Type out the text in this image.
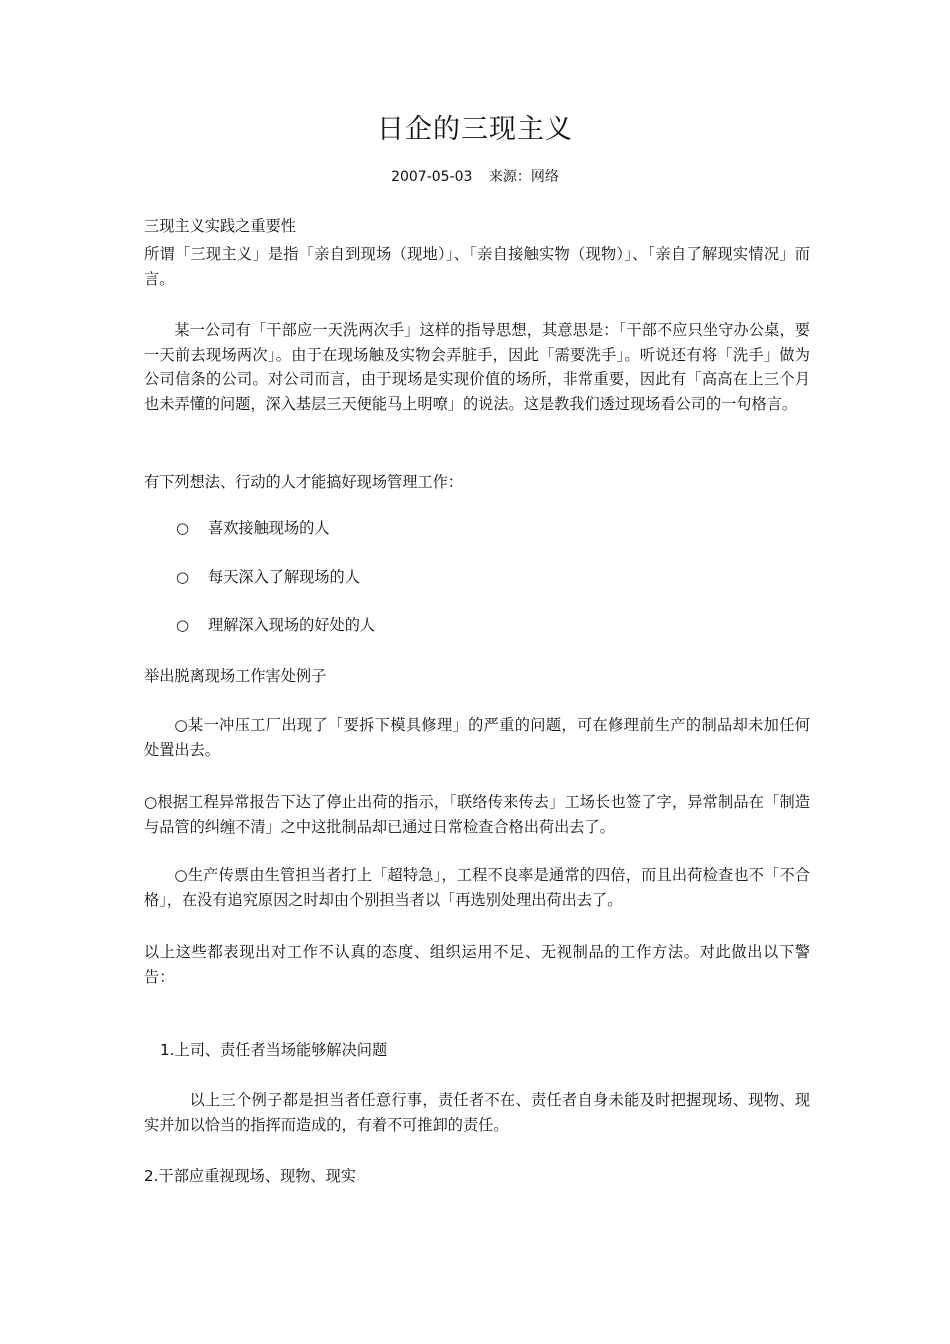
日企的三现主义
2007-05-03 来源：网络

三现主义实践之重要性

所谓「三现主义」是指「亲自到现场（现地）」、「亲自接触实物（现物）」、「亲自了解现实情况」而言。

某一公司有「干部应一天洗两次手」这样的指导思想，其意思是：「干部不应只坐守办公桌，要一天前去现场两次」。由于在现场触及实物会弄脏手，因此「需要洗手」。听说还有将「洗手」做为公司信条的公司。对公司而言，由于现场是实现价值的场所，非常重要，因此有「高高在上三个月也未弄懂的问题，深入基层三天便能马上明嘹」的说法。这是教我们透过现场看公司的一句格言。

有下列想法、行动的人才能搞好现场管理工作：

○ 喜欢接触现场的人
○ 每天深入了解现场的人
○ 理解深入现场的好处的人

举出脱离现场工作害处例子

○某一冲压工厂出现了「要拆下模具修理」的严重的问题，可在修理前生产的制品却未加任何处置出去。

○根据工程异常报告下达了停止出荷的指示，「联络传来传去」工场长也签了字，异常制品在「制造与品管的纠缠不清」之中这批制品却已通过日常检查合格出荷出去了。

○生产传票由生管担当者打上「超特急」，工程不良率是通常的四倍，而且出荷检查也不「不合格」，在没有追究原因之时却由个别担当者以「再选别处理出荷出去了。

以上这些都表现出对工作不认真的态度、组织运用不足、无视制品的工作方法。对此做出以下警告：

1.上司、责任者当场能够解决问题

以上三个例子都是担当者任意行事，责任者不在、责任者自身未能及时把握现场、现物、现实并加以恰当的指挥而造成的，有着不可推卸的责任。

2.干部应重视现场、现物、现实
